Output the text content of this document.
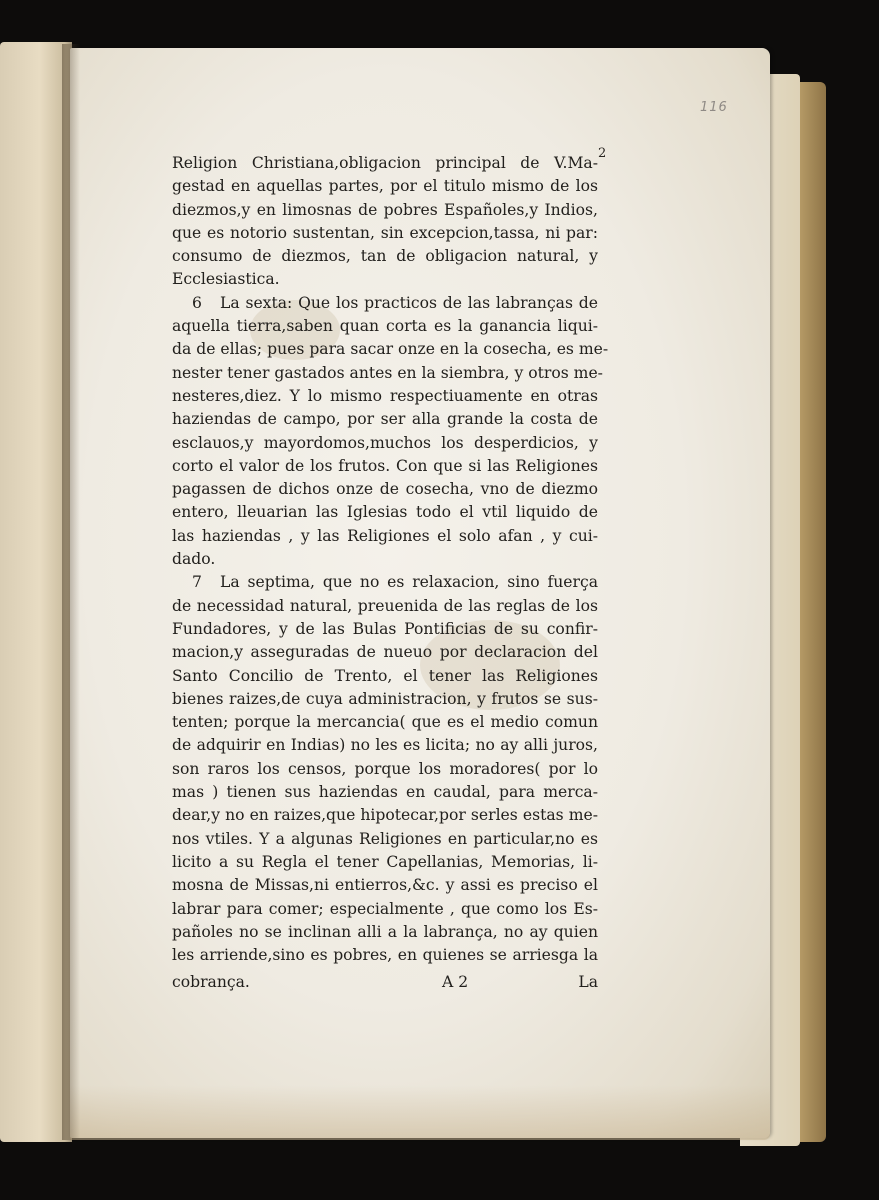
2
116
Religion Christiana,obligacion principal de V.Ma-
gestad en aquellas partes, por el titulo mismo de los
diezmos,y en limosnas de pobres Españoles,y Indios,
que es notorio sustentan, sin excepcion,tassa, ni par:
consumo de diezmos, tan de obligacion natural, y
Ecclesiastica.
6 La sexta: Que los practicos de las labranças de
aquella tierra,saben quan corta es la ganancia liqui-
da de ellas; pues para sacar onze en la cosecha, es me-
nester tener gastados antes en la siembra, y otros me-
nesteres,diez. Y lo mismo respectiuamente en otras
haziendas de campo, por ser alla grande la costa de
esclauos,y mayordomos,muchos los desperdicios, y
corto el valor de los frutos. Con que si las Religiones
pagassen de dichos onze de cosecha, vno de diezmo
entero, lleuarian las Iglesias todo el vtil liquido de
las haziendas , y las Religiones el solo afan , y cui-
dado.
7 La septima, que no es relaxacion, sino fuerça
de necessidad natural, preuenida de las reglas de los
Fundadores, y de las Bulas Pontificias de su confir-
macion,y asseguradas de nueuo por declaracion del
Santo Concilio de Trento, el tener las Religiones
bienes raizes,de cuya administracion, y frutos se sus-
tenten; porque la mercancia( que es el medio comun
de adquirir en Indias) no les es licita; no ay alli juros,
son raros los censos, porque los moradores( por lo
mas ) tienen sus haziendas en caudal, para merca-
dear,y no en raizes,que hipotecar,por serles estas me-
nos vtiles. Y a algunas Religiones en particular,no es
licito a su Regla el tener Capellanias, Memorias, li-
mosna de Missas,ni entierros,&c. y assi es preciso el
labrar para comer; especialmente , que como los Es-
pañoles no se inclinan alli a la labrança, no ay quien
les arriende,sino es pobres, en quienes se arriesga la
cobrança.	A 2	La
